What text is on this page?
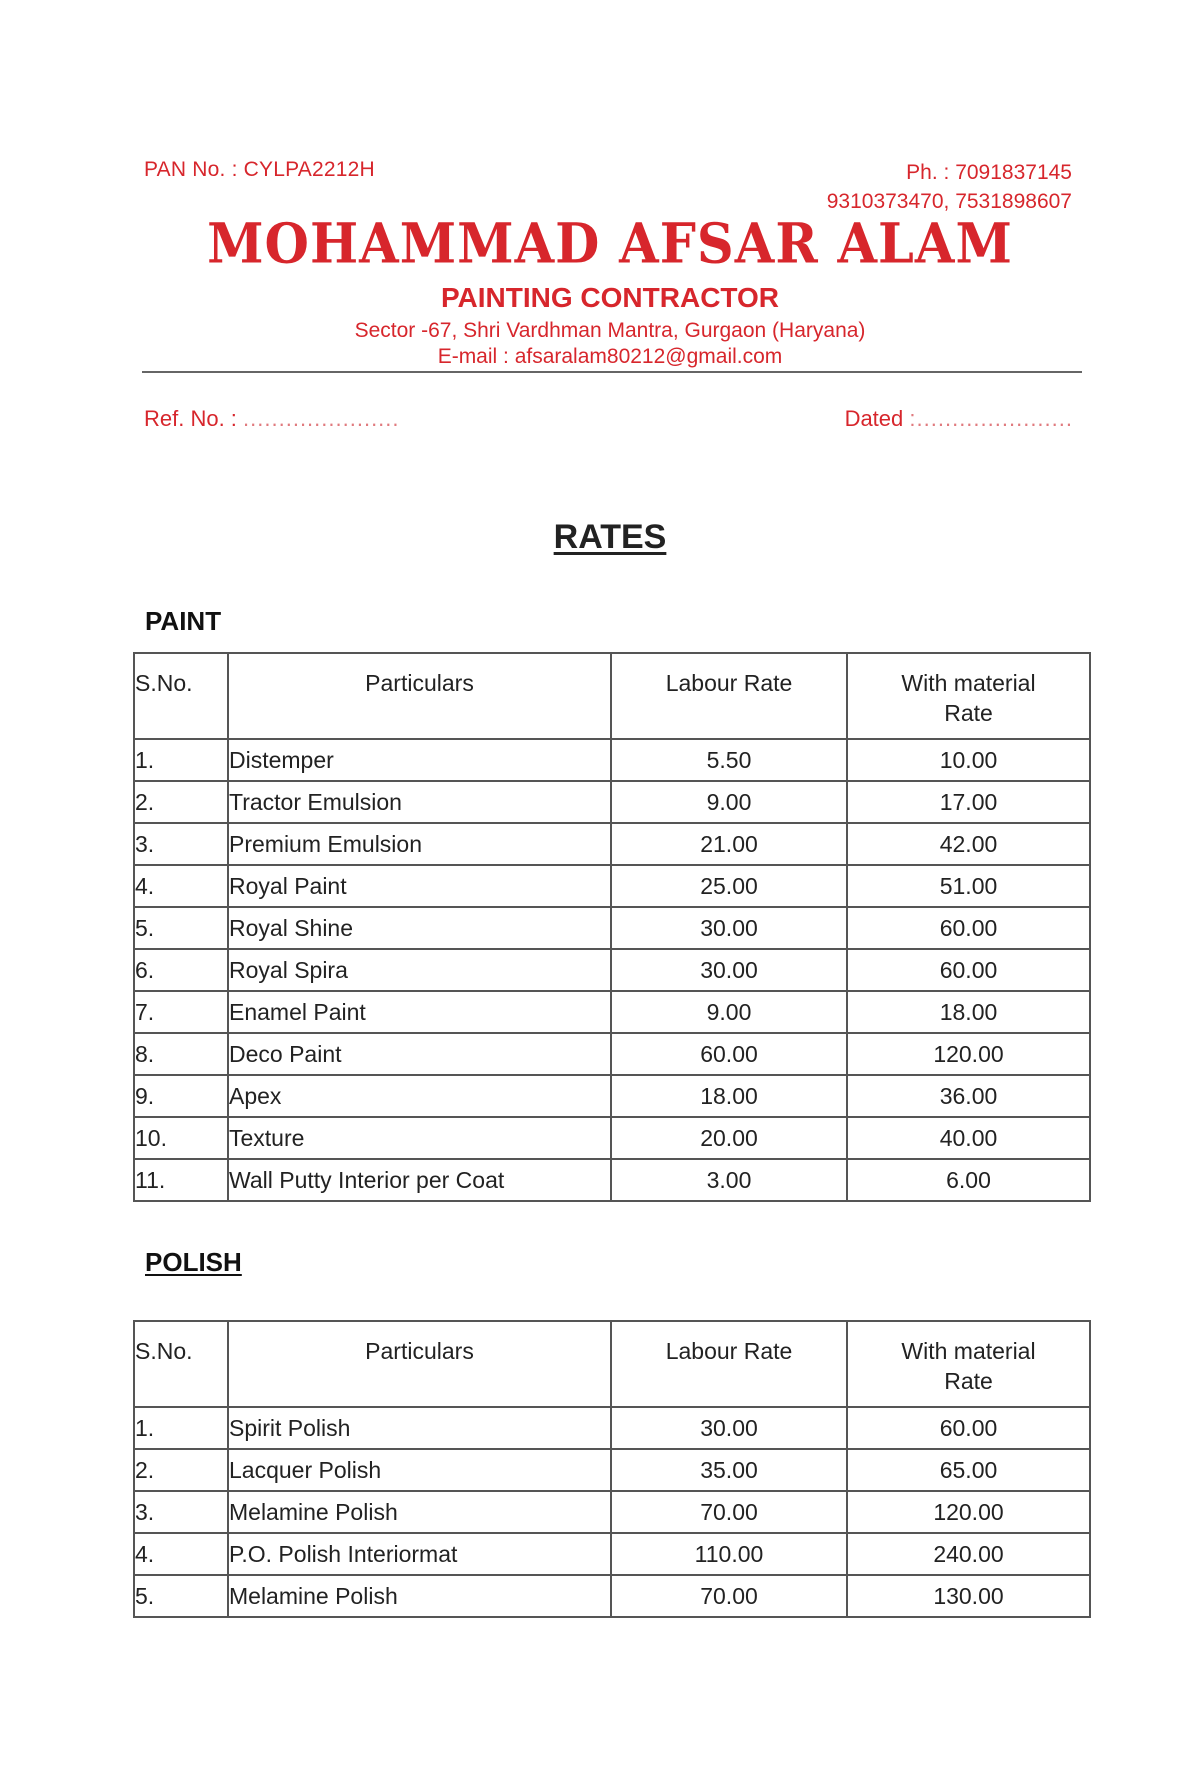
PAN No. : CYLPA2212H	Ph. : 7091837145
9310373470, 7531898607
MOHAMMAD AFSAR ALAM
PAINTING CONTRACTOR
Sector -67, Shri Vardhman Mantra, Gurgaon (Haryana)
E-mail : afsaralam80212@gmail.com
Ref. No. : ......................	Dated :......................
RATES
PAINT
S.No.	Particulars	Labour Rate	With material
Rate

1.	Distemper	5.50	10.00
2.	Tractor Emulsion	9.00	17.00
3.	Premium Emulsion	21.00	42.00
4.	Royal Paint	25.00	51.00
5.	Royal Shine	30.00	60.00
6.	Royal Spira	30.00	60.00
7.	Enamel Paint	9.00	18.00
8.	Deco Paint	60.00	120.00
9.	Apex	18.00	36.00
10.	Texture	20.00	40.00
11.	Wall Putty Interior per Coat	3.00	6.00
POLISH
S.No.	Particulars	Labour Rate	With material
Rate

1.	Spirit Polish	30.00	60.00
2.	Lacquer Polish	35.00	65.00
3.	Melamine Polish	70.00	120.00
4.	P.O. Polish Interiormat	110.00	240.00
5.	Melamine Polish	70.00	130.00
